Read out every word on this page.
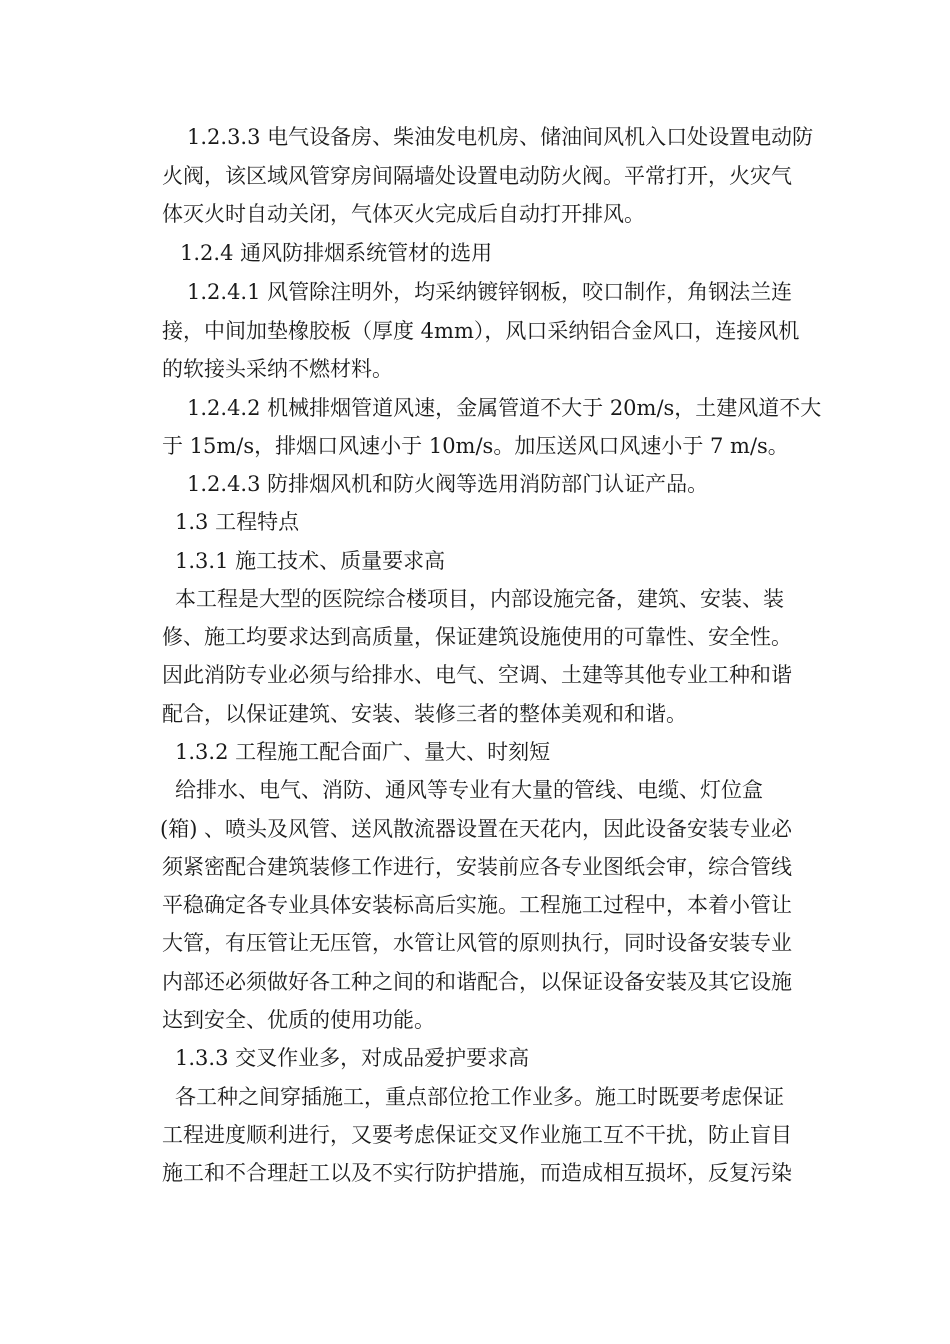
1.2.3.3 电气设备房、柴油发电机房、储油间风机入口处设置电动防
火阀，该区域风管穿房间隔墙处设置电动防火阀。平常打开，火灾气
体灭火时自动关闭，气体灭火完成后自动打开排风。
1.2.4 通风防排烟系统管材的选用
1.2.4.1 风管除注明外，均采纳镀锌钢板，咬口制作，角钢法兰连
接，中间加垫橡胶板（厚度 4mm），风口采纳铝合金风口，连接风机
的软接头采纳不燃材料。
1.2.4.2 机械排烟管道风速，金属管道不大于 20m/s，土建风道不大
于 15m/s，排烟口风速小于 10m/s。加压送风口风速小于 7 m/s。
1.2.4.3 防排烟风机和防火阀等选用消防部门认证产品。
1.3 工程特点
1.3.1 施工技术、质量要求高
本工程是大型的医院综合楼项目，内部设施完备，建筑、安装、装
修、施工均要求达到高质量，保证建筑设施使用的可靠性、安全性。
因此消防专业必须与给排水、电气、空调、土建等其他专业工种和谐
配合，以保证建筑、安装、装修三者的整体美观和和谐。
1.3.2 工程施工配合面广、量大、时刻短
给排水、电气、消防、通风等专业有大量的管线、电缆、灯位盒
(箱) 、喷头及风管、送风散流器设置在天花内，因此设备安装专业必
须紧密配合建筑装修工作进行，安装前应各专业图纸会审，综合管线
平稳确定各专业具体安装标高后实施。工程施工过程中，本着小管让
大管，有压管让无压管，水管让风管的原则执行，同时设备安装专业
内部还必须做好各工种之间的和谐配合，以保证设备安装及其它设施
达到安全、优质的使用功能。
1.3.3 交叉作业多，对成品爱护要求高
各工种之间穿插施工，重点部位抢工作业多。施工时既要考虑保证
工程进度顺利进行，又要考虑保证交叉作业施工互不干扰，防止盲目
施工和不合理赶工以及不实行防护措施，而造成相互损坏，反复污染
